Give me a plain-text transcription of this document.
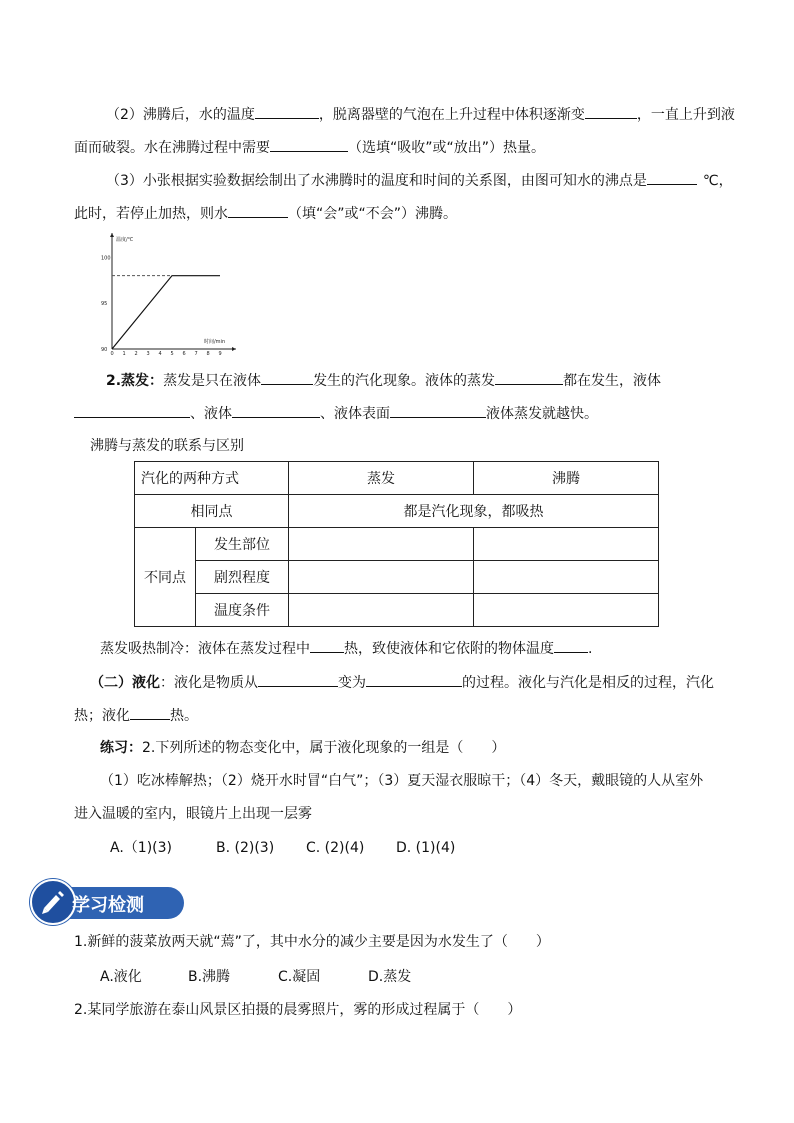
（2）沸腾后，水的温度	，脱离器壁的气泡在上升过程中体积逐渐变	，一直上升到液
面而破裂。水在沸腾过程中需要	（选填“吸收”或“放出”）热量。
（3）小张根据实验数据绘制出了水沸腾时的温度和时间的关系图，由图可知水的沸点是	℃，
此时，若停止加热，则水	（填“会”或“不会”）沸腾。
温度/℃
时间/min
0 1 2 3 4 5 6 7 8 9
90
95
100
2.蒸发：蒸发是只在液体	发生的汽化现象。液体的蒸发	都在发生，液体
、液体	、液体表面	液体蒸发就越快。
沸腾与蒸发的联系与区别
汽化的两种方式		蒸发	沸腾
相同点		都是汽化现象，都吸热	
不同点	发生部位		
	剧烈程度		
	温度条件		
蒸发吸热制冷：液体在蒸发过程中 热，致使液体和它依附的物体温度 .
（二）液化：液化是物质从	变为	的过程。液化与汽化是相反的过程，汽化
热；液化	热。
练习：2.下列所述的物态变化中，属于液化现象的一组是（　　）
（1）吃冰棒解热；（2）烧开水时冒“白气”；（3）夏天湿衣服晾干；（4）冬天，戴眼镜的人从室外
进入温暖的室内，眼镜片上出现一层雾
A.（1)(3)	B. (2)(3) C. (2)(4) D. (1)(4)
学习检测
1.新鲜的菠菜放两天就“蔫”了，其中水分的减少主要是因为水发生了（　　）
A.液化	B.沸腾	C.凝固	D.蒸发
2.某同学旅游在泰山风景区拍摄的晨雾照片，雾的形成过程属于（　　）
